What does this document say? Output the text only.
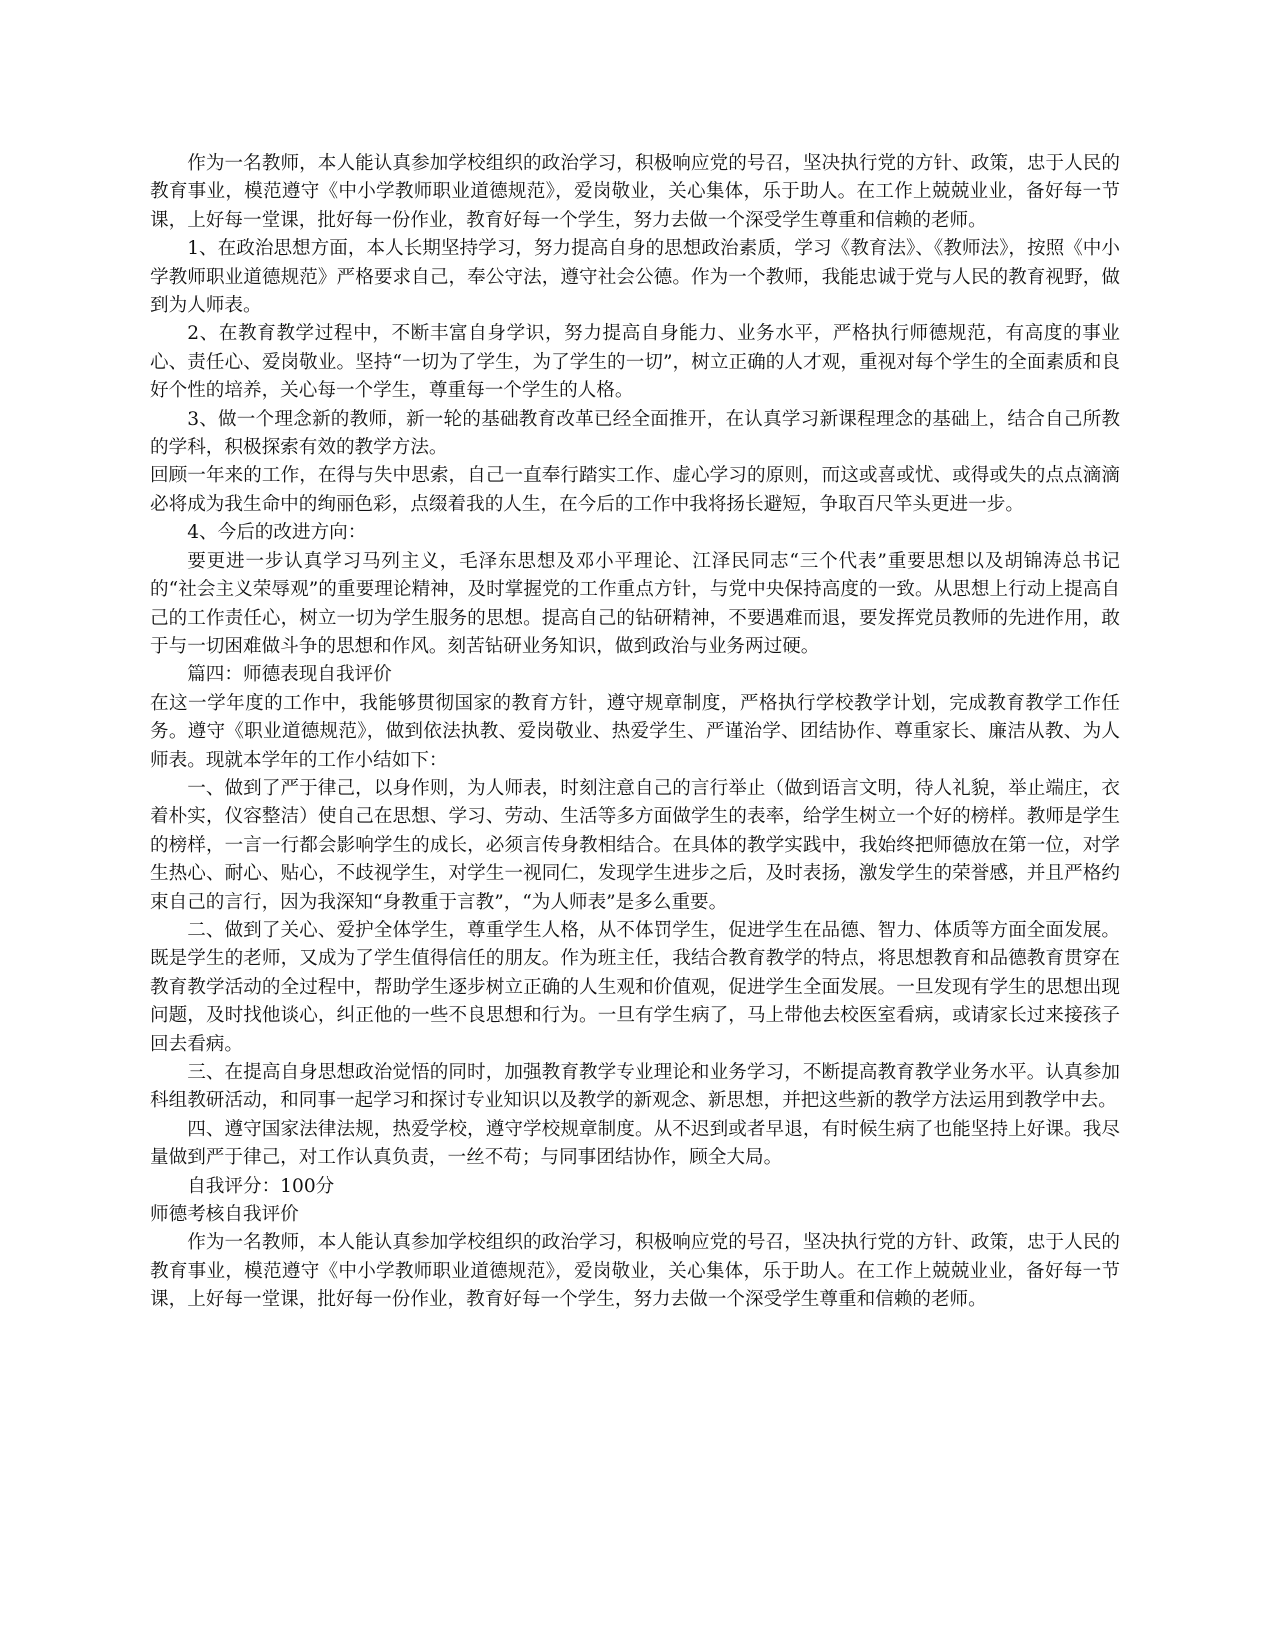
作为一名教师，本人能认真参加学校组织的政治学习，积极响应党的号召，坚决执行党的方针、政策，忠于人民的教育事业，模范遵守《中小学教师职业道德规范》，爱岗敬业，关心集体，乐于助人。在工作上兢兢业业，备好每一节课，上好每一堂课，批好每一份作业，教育好每一个学生，努力去做一个深受学生尊重和信赖的老师。

1、在政治思想方面，本人长期坚持学习，努力提高自身的思想政治素质，学习《教育法》、《教师法》，按照《中小学教师职业道德规范》严格要求自己，奉公守法，遵守社会公德。作为一个教师，我能忠诚于党与人民的教育视野，做到为人师表。

2、在教育教学过程中，不断丰富自身学识，努力提高自身能力、业务水平，严格执行师德规范，有高度的事业心、责任心、爱岗敬业。坚持“一切为了学生，为了学生的一切”，树立正确的人才观，重视对每个学生的全面素质和良好个性的培养，关心每一个学生，尊重每一个学生的人格。

3、做一个理念新的教师，新一轮的基础教育改革已经全面推开，在认真学习新课程理念的基础上，结合自己所教的学科，积极探索有效的教学方法。

回顾一年来的工作，在得与失中思索，自己一直奉行踏实工作、虚心学习的原则，而这或喜或忧、或得或失的点点滴滴必将成为我生命中的绚丽色彩，点缀着我的人生，在今后的工作中我将扬长避短，争取百尺竿头更进一步。

4、今后的改进方向：

要更进一步认真学习马列主义，毛泽东思想及邓小平理论、江泽民同志“三个代表”重要思想以及胡锦涛总书记的“社会主义荣辱观”的重要理论精神，及时掌握党的工作重点方针，与党中央保持高度的一致。从思想上行动上提高自己的工作责任心，树立一切为学生服务的思想。提高自己的钻研精神，不要遇难而退，要发挥党员教师的先进作用，敢于与一切困难做斗争的思想和作风。刻苦钻研业务知识，做到政治与业务两过硬。

篇四：师德表现自我评价

在这一学年度的工作中，我能够贯彻国家的教育方针，遵守规章制度，严格执行学校教学计划，完成教育教学工作任务。遵守《职业道德规范》，做到依法执教、爱岗敬业、热爱学生、严谨治学、团结协作、尊重家长、廉洁从教、为人师表。现就本学年的工作小结如下：

一、做到了严于律己，以身作则，为人师表，时刻注意自己的言行举止（做到语言文明，待人礼貌，举止端庄，衣着朴实，仪容整洁）使自己在思想、学习、劳动、生活等多方面做学生的表率，给学生树立一个好的榜样。教师是学生的榜样，一言一行都会影响学生的成长，必须言传身教相结合。在具体的教学实践中，我始终把师德放在第一位，对学生热心、耐心、贴心，不歧视学生，对学生一视同仁，发现学生进步之后，及时表扬，激发学生的荣誉感，并且严格约束自己的言行，因为我深知“身教重于言教”，“为人师表”是多么重要。

二、做到了关心、爱护全体学生，尊重学生人格，从不体罚学生，促进学生在品德、智力、体质等方面全面发展。既是学生的老师，又成为了学生值得信任的朋友。作为班主任，我结合教育教学的特点，将思想教育和品德教育贯穿在教育教学活动的全过程中，帮助学生逐步树立正确的人生观和价值观，促进学生全面发展。一旦发现有学生的思想出现问题，及时找他谈心，纠正他的一些不良思想和行为。一旦有学生病了，马上带他去校医室看病，或请家长过来接孩子回去看病。

三、在提高自身思想政治觉悟的同时，加强教育教学专业理论和业务学习，不断提高教育教学业务水平。认真参加科组教研活动，和同事一起学习和探讨专业知识以及教学的新观念、新思想，并把这些新的教学方法运用到教学中去。

四、遵守国家法律法规，热爱学校，遵守学校规章制度。从不迟到或者早退，有时候生病了也能坚持上好课。我尽量做到严于律己，对工作认真负责，一丝不苟；与同事团结协作，顾全大局。

自我评分：100分

师德考核自我评价

作为一名教师，本人能认真参加学校组织的政治学习，积极响应党的号召，坚决执行党的方针、政策，忠于人民的教育事业，模范遵守《中小学教师职业道德规范》，爱岗敬业，关心集体，乐于助人。在工作上兢兢业业，备好每一节课，上好每一堂课，批好每一份作业，教育好每一个学生，努力去做一个深受学生尊重和信赖的老师。
